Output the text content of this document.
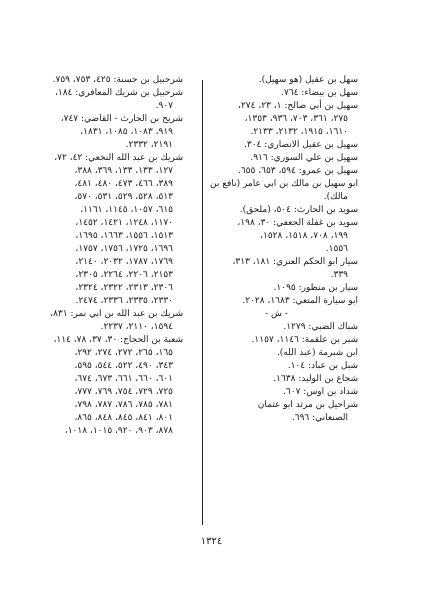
سهل بن عقيل (هو سهيل).
سهل بن بيضاء: ٧٦٤.
سهيل بن أبي صالح: ١، ٢٣، ٢٧٤،
٢٧٥، ٣٦١، ٧٠٣، ٩٣٦، ١٣٥٣،
١٦١٠، ١٩١٥، ٢١٣٢، ٢١٣٣.
سهيل بن عقيل الانصاري: ٣٠٤.
سهيل بن علي السوري: ٩١٦.
سهيل بن عمرو: ٥٩٤، ٦٥٣، ٦٥٥.
ابو سهيل بن مالك بن ابي عامر (نافع بن
مالك).
سويد بن الحارث: ٥٠٤، (ملحق).
سويد بن غفلة الجعفي: ٣٠، ١٩٨،
١٩٩، ٧٠٨، ١٥١٨، ١٥٢٨،
١٥٥٦.
سيار ابو الحكم العنزي: ١٨١، ٣١٣،
٣٣٩.
سيار بن منظور: ١٠٩٥.
ابو سيارة المتعي: ١٦٨٣، ٢٠٢٨.
- ش -
شباك الضبي: ١٢٧٩.
شبر بن علقمة: ١١٤٦، ١١٥٧.
ابن شبرمة (عبد الله).
شبل بن عباد: ١٠٤.
شجاع بن الوليد: ١٦٣٨.
شداد بن اوس: ٦٠٧.
شراحيل بن مرثد ابو عثمان
الصنعاني: ٦٩٦.
شرحبيل بن حسنة: ٤٢٥، ٧٥٣، ٧٥٩.
شرحبيل بن شريك المعافري: ١٨٤،
٩٠٧.
شريح بن الحارث - القاضي: ٧٤٧،
٩١٩، ١٠٨٣، ١٠٨٥، ١٨٣١،
٢١٩١، ٢٣٣٢.
شريك بن عبد الله النخعي: ٤٢، ٧٢،
١٢٧، ١٣٣، ١٣٣، ٣٦٩، ٣٨٨،
٣٨٩، ٤٦٦، ٤٧٣، ٤٨٠، ٤٨١،
٥١٣، ٥٢٨، ٥٢٩، ٥٣١، ٥٧٠،
٦١٥، ١٠٥٧، ١١٤٥، ١١٦١،
١١٧٠، ١٢٤٨، ١٤٢١، ١٤٥٢،
١٥١٣، ١٥٥٦، ١٦٦٣، ١٦٩٥،
١٦٩٦، ١٧٢٥، ١٧٥٦، ١٧٥٧،
١٧٦٩، ١٧٨٧، ٢٠٣٢، ٢١٤٠،
٢١٥٣، ٢٢٠٦، ٢٢٦٤، ٢٣٠٥،
٢٣٠٦، ٢٣١٣، ٢٣٢٢، ٢٣٢٤،
٢٣٣٠، ٢٣٣٥، ٢٣٣٦، ٢٤٧٤.
شريك بن عبد الله بن ابي نمر: ٨٣١،
١٥٩٤، ٢١١٠، ٢٢٣٧.
شعبة بن الحجاج: ٣٠، ٣٧، ٧٨، ١١٤،
١٦٥، ٢٦٥، ٢٧٢، ٢٧٤، ٢٩٢،
٣٤٣، ٤٩٠، ٥٢٢، ٥٤٤، ٥٩٥،
٦٠١، ٦٦٠، ٦٦١، ٦٧٣، ٦٧٤،
٧٢٥، ٧٢٩، ٧٥٤، ٧٦٩، ٧٧٧،
٧٨١، ٧٨٥، ٧٨٦، ٧٨٧، ٧٩٨،
٨٠١، ٨٤١، ٨٤٥، ٨٤٨، ٨٦٥،
٨٧٨، ٩٠٣، ٩٢٠، ١٠١٥، ١٠١٨،
١٣٢٤
